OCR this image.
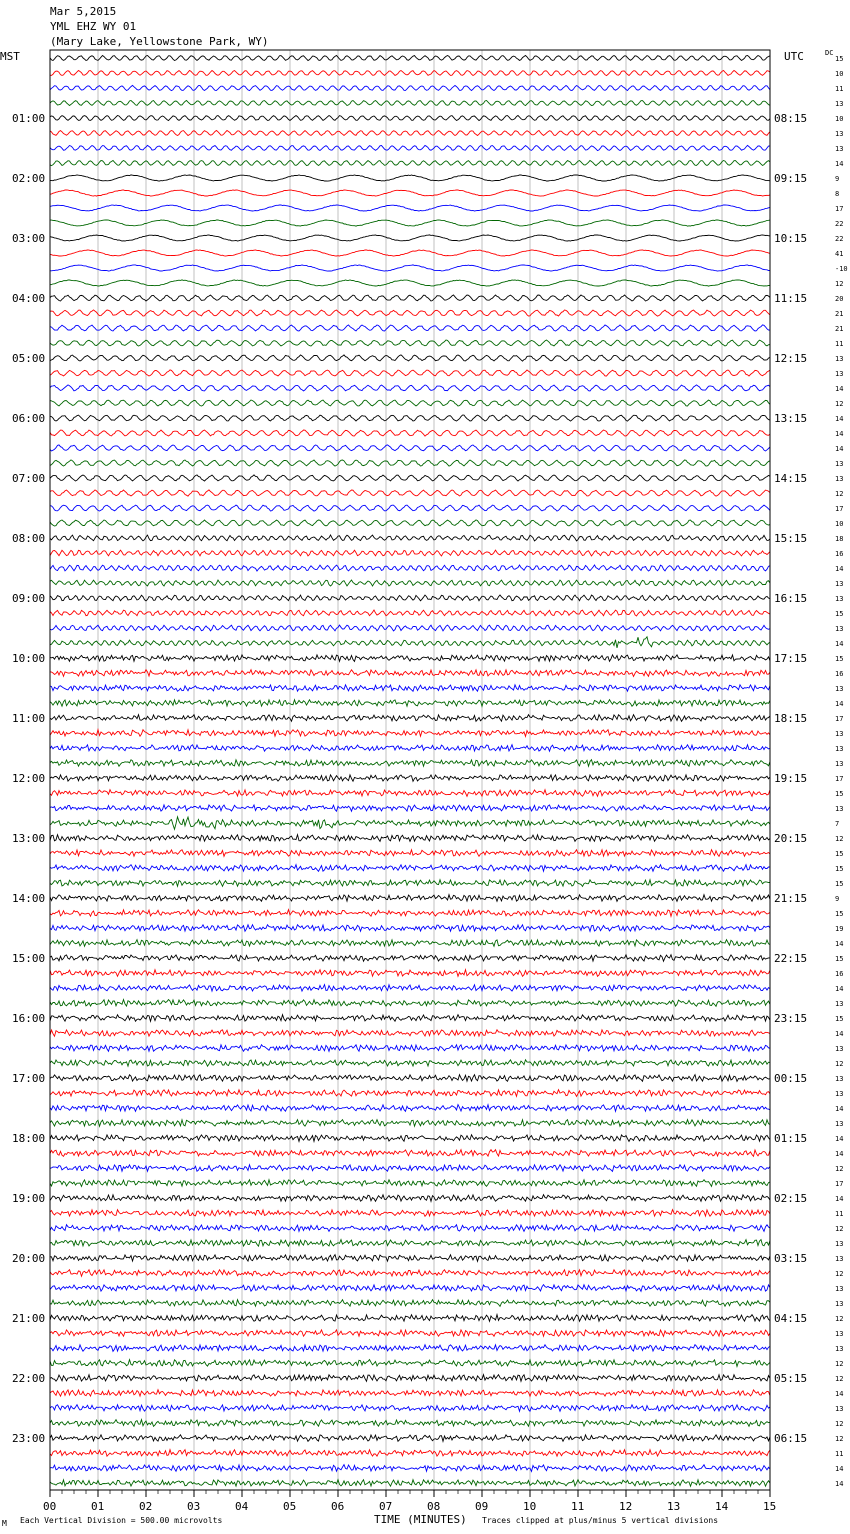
Mar 5,2015
YML EHZ WY 01
(Mary Lake, Yellowstone Park, WY)
MST	UTC	DC
01:00
02:00
03:00
04:00
05:00
06:00
07:00
08:00
09:00
10:00
11:00
12:00
13:00
14:00
15:00
16:00
17:00
18:00
19:00
20:00
21:00
22:00
23:00
08:15
09:15
10:15
11:15
12:15
13:15
14:15
15:15
16:15
17:15
18:15
19:15
20:15
21:15
22:15
23:15
00:15
01:15
02:15
03:15
04:15
05:15
06:15
15
10
11
13
10
13
13
14
9
8
17
22
22
41
-10
12
20
21
21
11
13
13
14
12
14
14
14
13
13
12
17
10
18
16
14
13
13
15
13
14
15
16
13
14
17
13
13
13
17
15
13
7
12
15
15
15
9
15
19
14
15
16
14
13
15
14
13
12
13
13
14
13
14
14
12
17
14
11
12
13
13
12
13
13
12
13
13
12
12
14
13
12
12
11
14
14
00	01	02	03	04	05	06	07	08	09	10	11	12	13	14	15
TIME (MINUTES)
Each Vertical Division = 500.00 microvolts	Traces clipped at plus/minus 5 vertical divisions
M
